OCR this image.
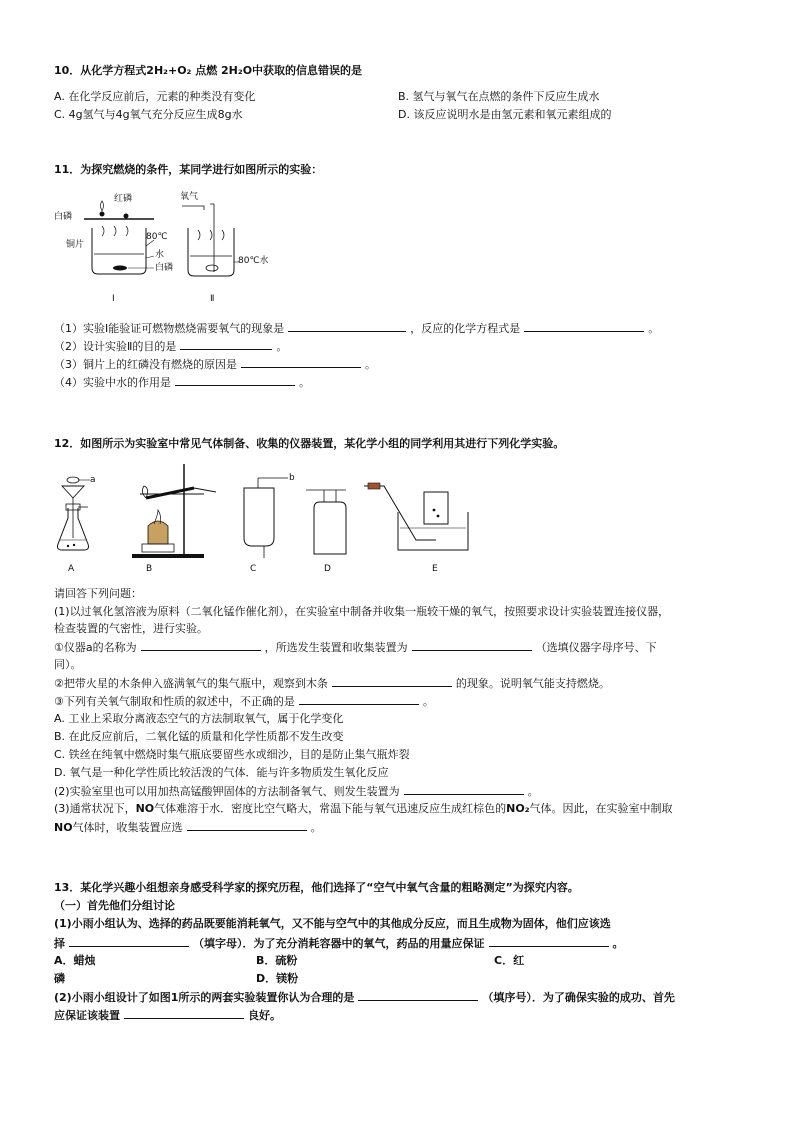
10．从化学方程式2H₂+O₂ 点燃 2H₂O中获取的信息错误的是
A. 在化学反应前后，元素的种类没有变化	B. 氢气与氧气在点燃的条件下反应生成水
C. 4g氢气与4g氧气充分反应生成8g水	D. 该反应说明水是由氢元素和氧元素组成的
11．为探究燃烧的条件，某同学进行如图所示的实验：
白磷
红磷
铜片
80℃
水
白磷
Ⅰ
氧气
80℃水
Ⅱ
（1）实验Ⅰ能验证可燃物燃烧需要氧气的现象是	，反应的化学方程式是	。
（2）设计实验Ⅱ的目的是	。
（3）铜片上的红磷没有燃烧的原因是	。
（4）实验中水的作用是	。
12．如图所示为实验室中常见气体制备、收集的仪器装置，某化学小组的同学利用其进行下列化学实验。
a	b
A	B	C	D	E
请回答下列问题：
(1)以过氧化氢溶液为原料（二氧化锰作催化剂），在实验室中制备并收集一瓶较干燥的氧气，按照要求设计实验装置连接仪器，
检查装置的气密性，进行实验。
①仪器a的名称为	，所选发生装置和收集装置为	（选填仪器字母序号、下
同）。
②把带火星的木条伸入盛满氧气的集气瓶中，观察到木条	的现象。说明氧气能支持燃烧。
③下列有关氧气制取和性质的叙述中，不正确的是	。
A. 工业上采取分离液态空气的方法制取氧气，属于化学变化
B. 在此反应前后，二氧化锰的质量和化学性质都不发生改变
C. 铁丝在纯氧中燃烧时集气瓶底要留些水或细沙，目的是防止集气瓶炸裂
D. 氧气是一种化学性质比较活泼的气体．能与许多物质发生氧化反应
(2)实验室里也可以用加热高锰酸钾固体的方法制备氧气、则发生装置为	。
(3)通常状况下，NO气体难溶于水．密度比空气略大，常温下能与氧气迅速反应生成红棕色的NO₂气体。因此，在实验室中制取
NO气体时，收集装置应选	。
13．某化学兴趣小组想亲身感受科学家的探究历程，他们选择了“空气中氧气含量的粗略测定”为探究内容。
（一）首先他们分组讨论
(1)小雨小组认为、选择的药品既要能消耗氧气，又不能与空气中的其他成分反应，而且生成物为固体，他们应该选
择	（填字母）．为了充分消耗容器中的氧气，药品的用量应保证	。
A．蜡烛	B．硫粉	C．红
磷	D．镁粉
(2)小雨小组设计了如图1所示的两套实验装置你认为合理的是	（填序号）．为了确保实验的成功、首先
应保证该装置	良好。
